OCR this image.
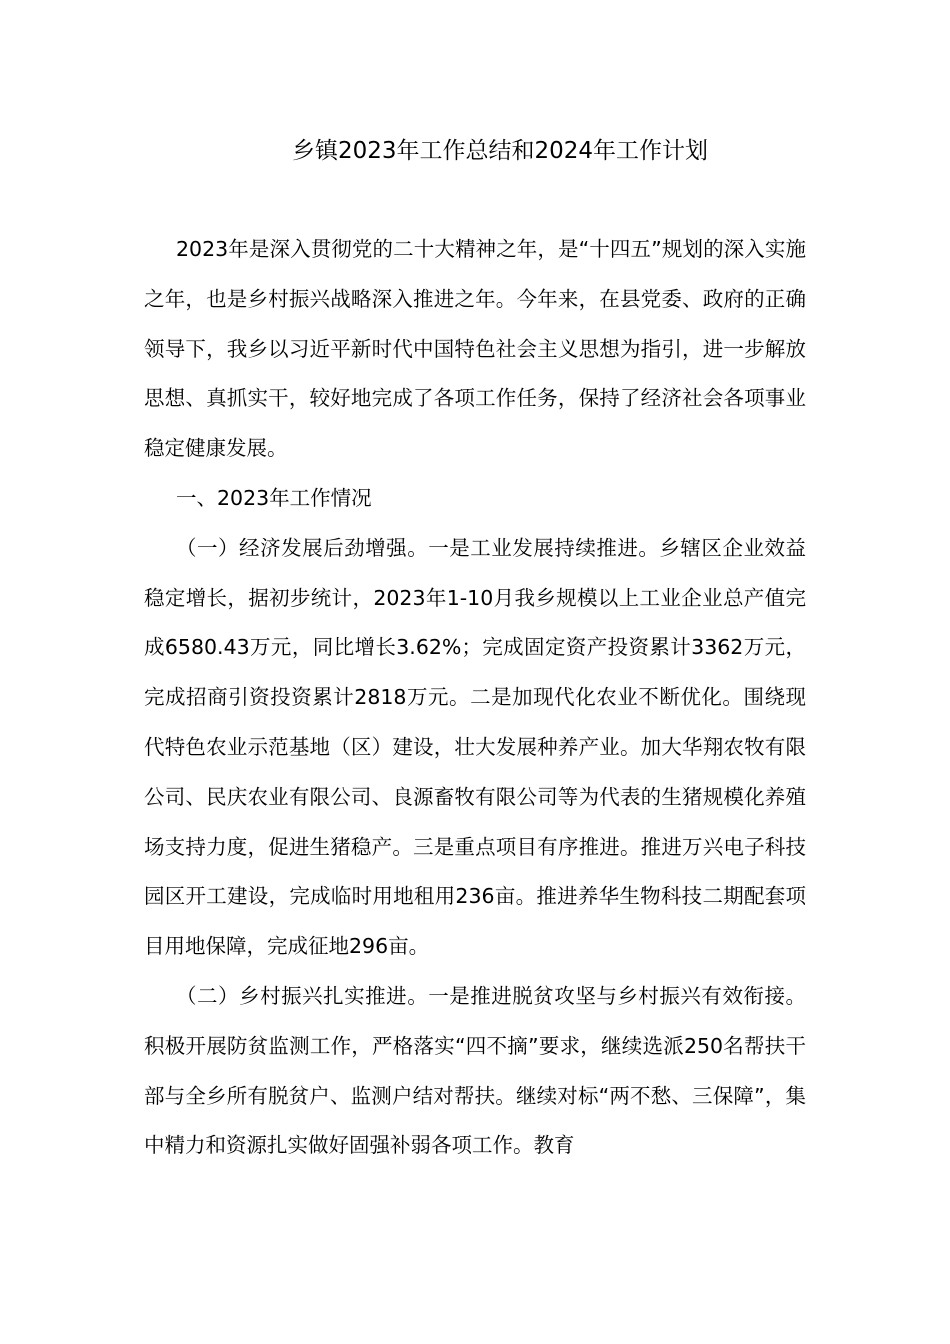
乡镇2023年工作总结和2024年工作计划

2023年是深入贯彻党的二十大精神之年，是“十四五”规划的深入实施之年，也是乡村振兴战略深入推进之年。今年来，在县党委、政府的正确领导下，我乡以习近平新时代中国特色社会主义思想为指引，进一步解放思想、真抓实干，较好地完成了各项工作任务，保持了经济社会各项事业稳定健康发展。

一、2023年工作情况

（一）经济发展后劲增强。一是工业发展持续推进。乡辖区企业效益稳定增长，据初步统计，2023年1-10月我乡规模以上工业企业总产值完成6580.43万元，同比增长3.62%；完成固定资产投资累计3362万元，完成招商引资投资累计2818万元。二是加现代化农业不断优化。围绕现代特色农业示范基地（区）建设，壮大发展种养产业。加大华翔农牧有限公司、民庆农业有限公司、良源畜牧有限公司等为代表的生猪规模化养殖场支持力度，促进生猪稳产。三是重点项目有序推进。推进万兴电子科技园区开工建设，完成临时用地租用236亩。推进养华生物科技二期配套项目用地保障，完成征地296亩。

（二）乡村振兴扎实推进。一是推进脱贫攻坚与乡村振兴有效衔接。积极开展防贫监测工作，严格落实“四不摘”要求，继续选派250名帮扶干部与全乡所有脱贫户、监测户结对帮扶。继续对标“两不愁、三保障”，集中精力和资源扎实做好固强补弱各项工作。教育
